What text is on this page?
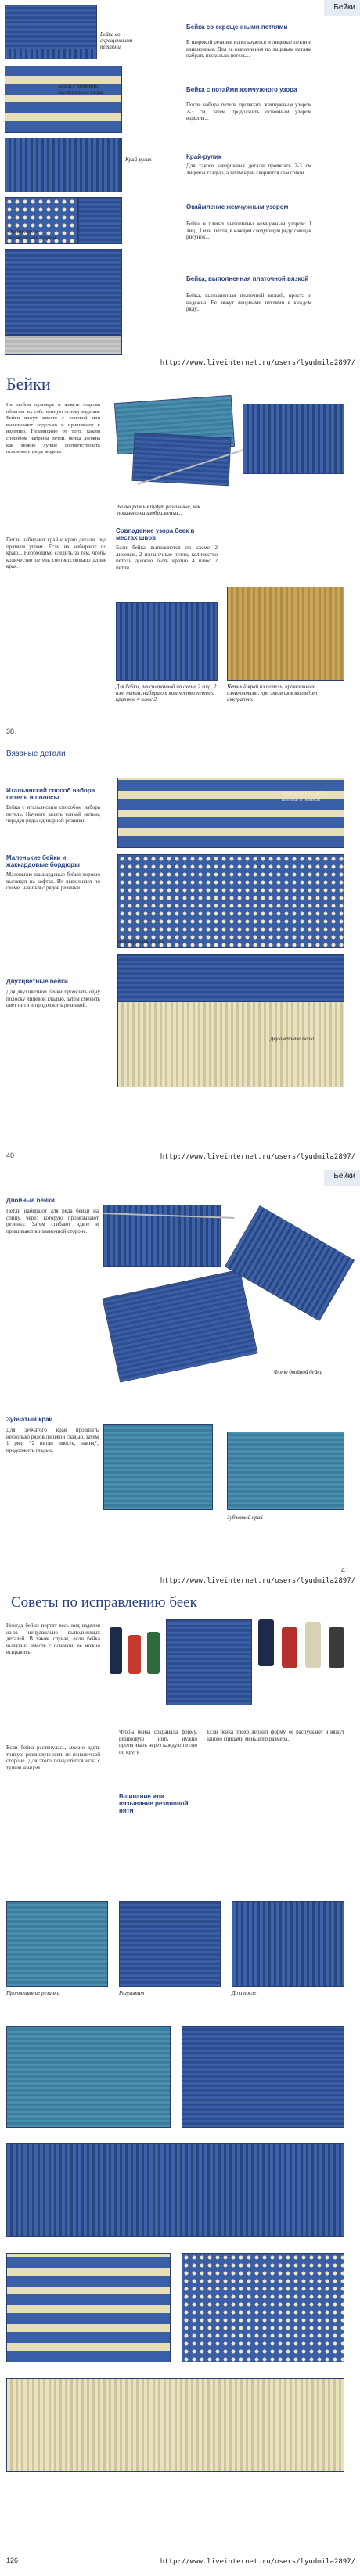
Бейки
Бейка со скрещенными петлями
Бейка с потанми жемчужного узора
Край-рулик
Окаймленное жемчужным узором
Бейка со скрещенными петлями
В широкой резинке используются и лицевые петли и изнаночные. Для ее выполнения по лицевым петлям набрать несколько петель...
Бейка с потайми жемчужного узора
После набора петель провязать жемчужным узором 2-3 см, затем продолжить основным узором изделия...
Край-рулик
Для такого завершения детали провязать 2-3 см лицевой гладью, а затем край свернётся сам собой...
Окаймление жемчужным узором
Бейки в плечах выполнены жемчужным узором: 1 лиц., 1 изн. петля, в каждом следующем ряду смещая рисунок...
Бейка, выполненная платочной вязкой
Бейка, выполненная платочной вязкой, проста и надежна. Ее вяжут лицевыми петлями в каждом ряду...
http://www.liveinternet.ru/users/lyudmila2897/
Бейки
На любом пуловере и жакете отделка облегает их собственную основу изделия. Бейки вяжут вместе с основой или вывязывают отдельно и пришивают к изделию. Независимо от того, каким способом набраны петли, бейка должна как можно лучше соответствовать основному узору модели.
Петли набирают край к краю детали, под прямым углом. Если их набирают по краю... Необходимо следить за тем, чтобы количество петель соответствовало длине края.
Бейки разных будут различные, как показано на изображении...
Совпадение узора беек в местах швов
Если бейка выполняется по схеме 2 лицевые, 2 изнаночные петли, количество петель должно быть кратно 4 плюс 2 петли.
Для бейки, рассчитанной по схеме 2 лиц., 2 изн. петли, набирают количество петель, кратное 4 плюс 2.
Четный край из петель, провязанных изнаночными, при этом шов выглядит аккуратно.
38
Вязаные детали
Итальянский способ набора петель и полосы
Бейка с итальянским способом набора петель. Начните вязать тонкой нитью, чередуя ряды одинарной резинки.
Итальянский набор петель и полосы
Маленькие бейки и жаккардовые бордюры
Маленькие жаккардовые бейки хорошо выглядят на кофтах. Их выполняют по схеме, начиная с рядов резинки.
Жаккардовые бейки
Двухцветные бейки
Для двухцветной бейки провязать одну полоску лицевой гладью, затем сменить цвет нити и продолжить резинкой.
Двухцветные бейки
40	http://www.liveinternet.ru/users/lyudmila2897/
Бейки
Двойные бейки
Петли набирают для ряда бейки на спицу, через которую провязывают резинку. Затем сгибают вдвое и пришивают к изнаночной стороне.
Фото двойной бейки
Зубчатый край
Для зубчатого края провязать несколько рядов лицевой гладью, затем 1 ряд: *2 петли вместе, накид*, продолжить гладью.
Зубчатый край
41
http://www.liveinternet.ru/users/lyudmila2897/
Советы по исправлению беек
Иногда бейки портят весь вид изделия из-за неправильно выполненных деталей. В таком случае, если бейка вывязана вместе с основой, ее можно исправить.
Если бейка растянулась, можно вдеть тонкую резиновую нить по изнаночной стороне. Для этого понадобится игла с тупым концом.
Вшивание или вязывание резиновой нити
Чтобы бейка сохраняла форму, резиновую нить нужно протягивать через каждую петлю по кругу.
Если бейка плохо держит форму, ее распускают и вяжут заново спицами меньшего размера.
Протягивание резинки	Результат	До и после
126	http://www.liveinternet.ru/users/lyudmila2897/
